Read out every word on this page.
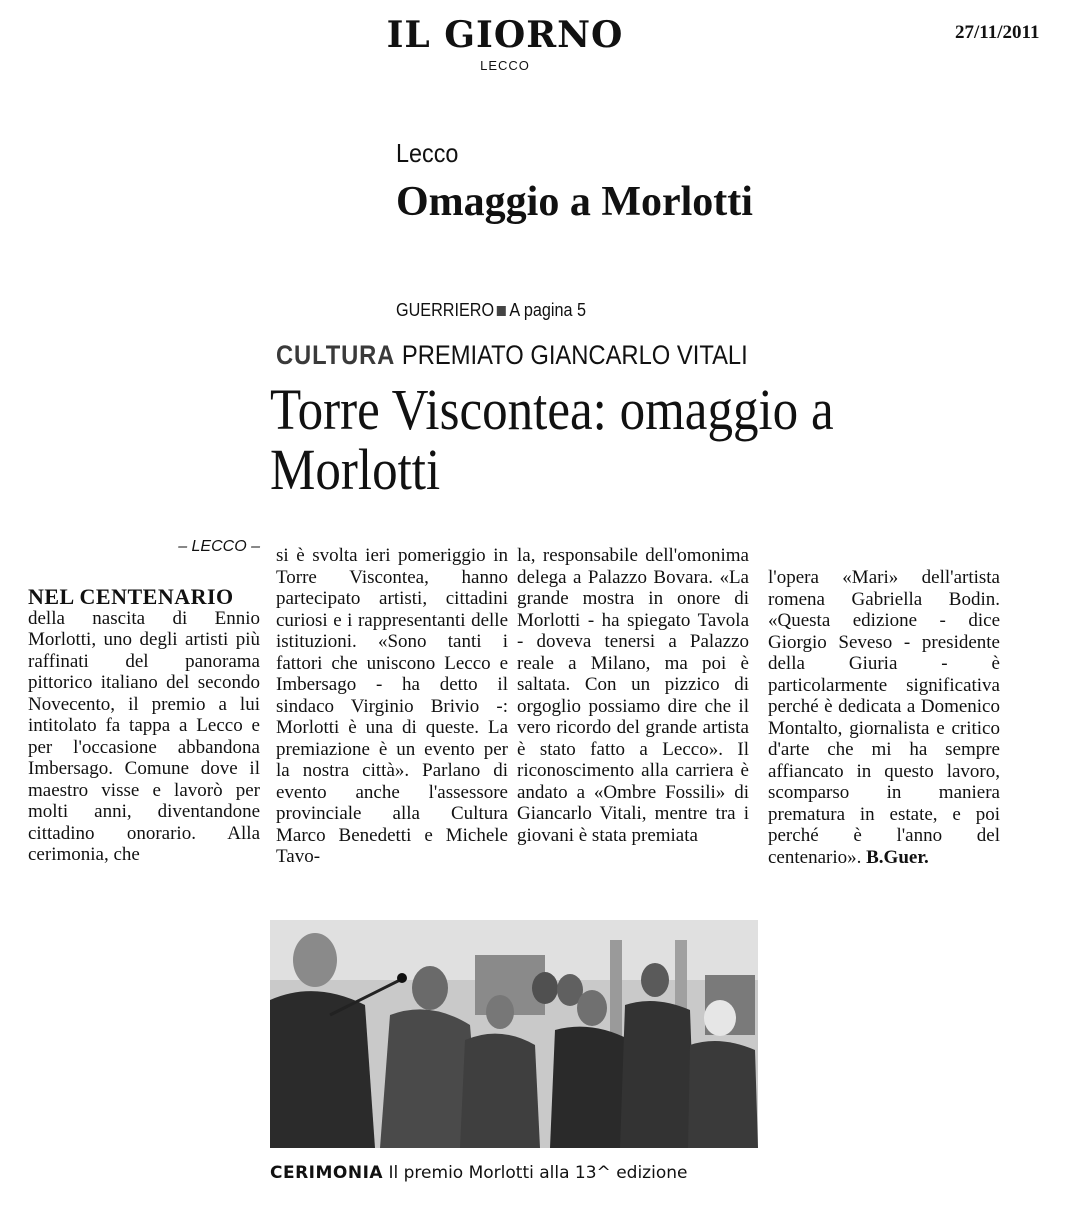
IL GIORNO
LECCO
27/11/2011
Lecco
Omaggio a Morlotti
GUERRIERO A pagina 5
CULTURA PREMIATO GIANCARLO VITALI
Torre Viscontea: omaggio a Morlotti
– LECCO –
NEL CENTENARIO

della nascita di Ennio Morlotti, uno degli artisti più raffinati del panorama pittorico italiano del secondo Novecento, il premio a lui intitolato fa tappa a Lecco e per l'occasione abbandona Imbersago. Comune dove il maestro visse e lavorò per molti anni, diventandone cittadino onorario. Alla cerimonia, che

si è svolta ieri pomeriggio in Torre Viscontea, hanno partecipato artisti, cittadini curiosi e i rappresentanti delle istituzioni. «Sono tanti i fattori che uniscono Lecco e Imbersago - ha detto il sindaco Virginio Brivio -: Morlotti è una di queste. La premiazione è un evento per la nostra città». Parlano di evento anche l'assessore provinciale alla Cultura Marco Benedetti e Michele Tavo-

la, responsabile dell'omonima delega a Palazzo Bovara. «La grande mostra in onore di Morlotti - ha spiegato Tavola - doveva tenersi a Palazzo reale a Milano, ma poi è saltata. Con un pizzico di orgoglio possiamo dire che il vero ricordo del grande artista è stato fatto a Lecco». Il riconoscimento alla carriera è andato a «Ombre Fossili» di Giancarlo Vitali, mentre tra i giovani è stata premiata

l'opera «Mari» dell'artista romena Gabriella Bodin. «Questa edizione - dice Giorgio Seveso - presidente della Giuria - è particolarmente significativa perché è dedicata a Domenico Montalto, giornalista e critico d'arte che mi ha sempre affiancato in questo lavoro, scomparso in maniera prematura in estate, e poi perché è l'anno del centenario». B.Guer.

CERIMONIA Il premio Morlotti alla 13^ edizione
